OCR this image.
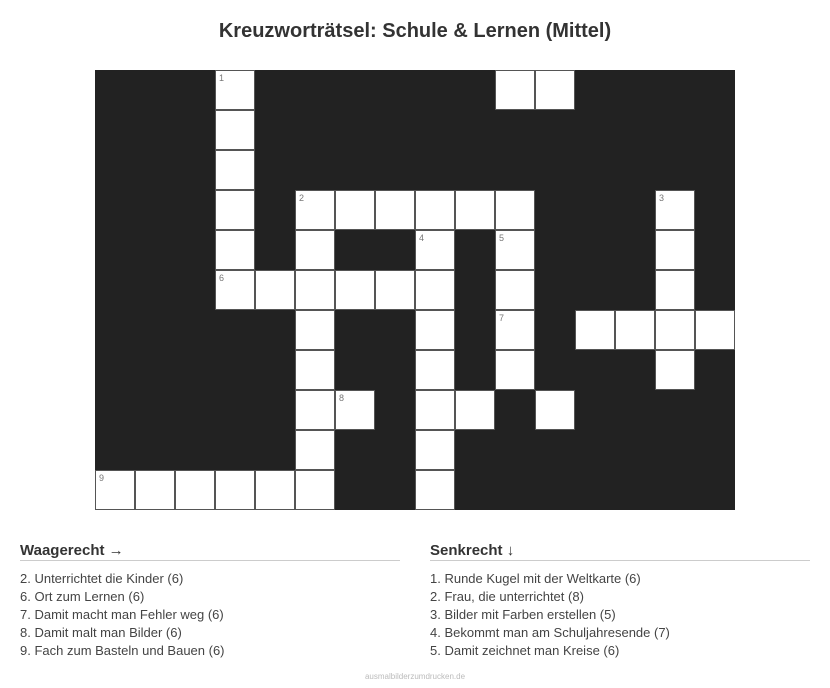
Kreuzworträtsel: Schule & Lernen (Mittel)
1
6
2
4	5
7
3
8
9
Waagerecht →
2. Unterrichtet die Kinder (6)
6. Ort zum Lernen (6)
7. Damit macht man Fehler weg (6)
8. Damit malt man Bilder (6)
9. Fach zum Basteln und Bauen (6)
Senkrecht ↓
1. Runde Kugel mit der Weltkarte (6)
2. Frau, die unterrichtet (8)
3. Bilder mit Farben erstellen (5)
4. Bekommt man am Schuljahresende (7)
5. Damit zeichnet man Kreise (6)
ausmalbilderzumdrucken.de
